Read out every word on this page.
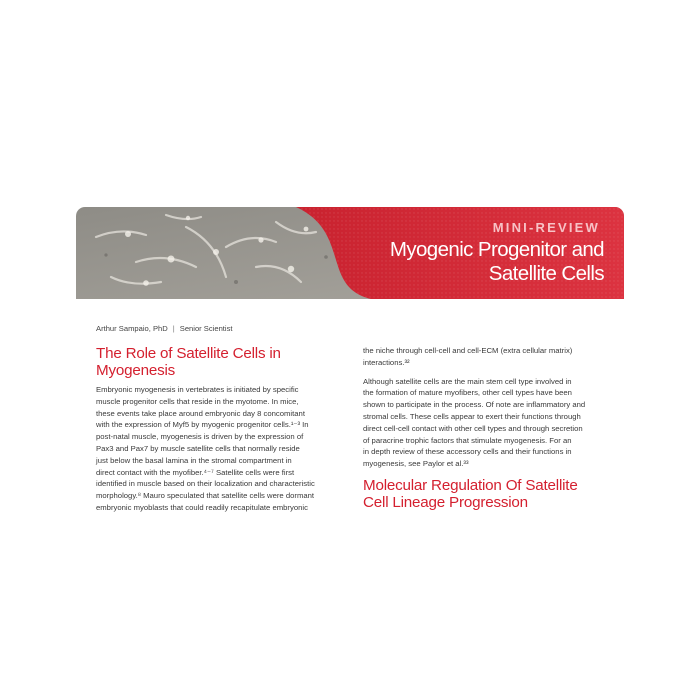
MINI-REVIEW
Myogenic Progenitor and
Satellite Cells
Arthur Sampaio, PhD | Senior Scientist
The Role of Satellite Cells in
Myogenesis

Embryonic myogenesis in vertebrates is initiated by specific
muscle progenitor cells that reside in the myotome. In mice,
these events take place around embryonic day 8 concomitant
with the expression of Myf5 by myogenic progenitor cells.¹⁻³ In
post-natal muscle, myogenesis is driven by the expression of
Pax3 and Pax7 by muscle satellite cells that normally reside
just below the basal lamina in the stromal compartment in
direct contact with the myofiber.⁴⁻⁷ Satellite cells were first
identified in muscle based on their localization and characteristic
morphology.⁸ Mauro speculated that satellite cells were dormant
embryonic myoblasts that could readily recapitulate embryonic

the niche through cell-cell and cell-ECM (extra cellular matrix)
interactions.³²

Although satellite cells are the main stem cell type involved in
the formation of mature myofibers, other cell types have been
shown to participate in the process. Of note are inflammatory and
stromal cells. These cells appear to exert their functions through
direct cell-cell contact with other cell types and through secretion
of paracrine trophic factors that stimulate myogenesis. For an
in depth review of these accessory cells and their functions in
myogenesis, see Paylor et al.³³

Molecular Regulation Of Satellite
Cell Lineage Progression
